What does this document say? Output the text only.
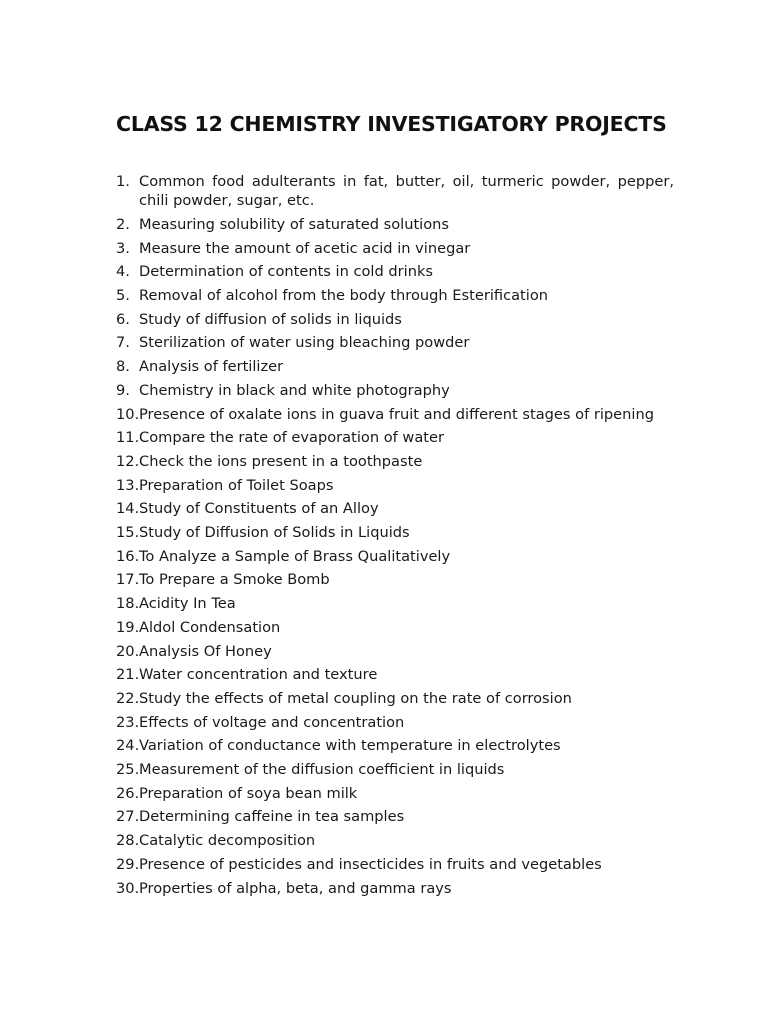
CLASS 12 CHEMISTRY INVESTIGATORY PROJECTS
1. Common food adulterants in fat, butter, oil, turmeric powder, pepper, chili powder, sugar, etc.
2. Measuring solubility of saturated solutions
3. Measure the amount of acetic acid in vinegar
4. Determination of contents in cold drinks
5. Removal of alcohol from the body through Esterification
6. Study of diffusion of solids in liquids
7. Sterilization of water using bleaching powder
8. Analysis of fertilizer
9. Chemistry in black and white photography
10. Presence of oxalate ions in guava fruit and different stages of ripening
11. Compare the rate of evaporation of water
12. Check the ions present in a toothpaste
13. Preparation of Toilet Soaps
14. Study of Constituents of an Alloy
15. Study of Diffusion of Solids in Liquids
16. To Analyze a Sample of Brass Qualitatively
17. To Prepare a Smoke Bomb
18. Acidity In Tea
19. Aldol Condensation
20. Analysis Of Honey
21. Water concentration and texture
22. Study the effects of metal coupling on the rate of corrosion
23. Effects of voltage and concentration
24. Variation of conductance with temperature in electrolytes
25. Measurement of the diffusion coefficient in liquids
26. Preparation of soya bean milk
27. Determining caffeine in tea samples
28. Catalytic decomposition
29. Presence of pesticides and insecticides in fruits and vegetables
30. Properties of alpha, beta, and gamma rays
